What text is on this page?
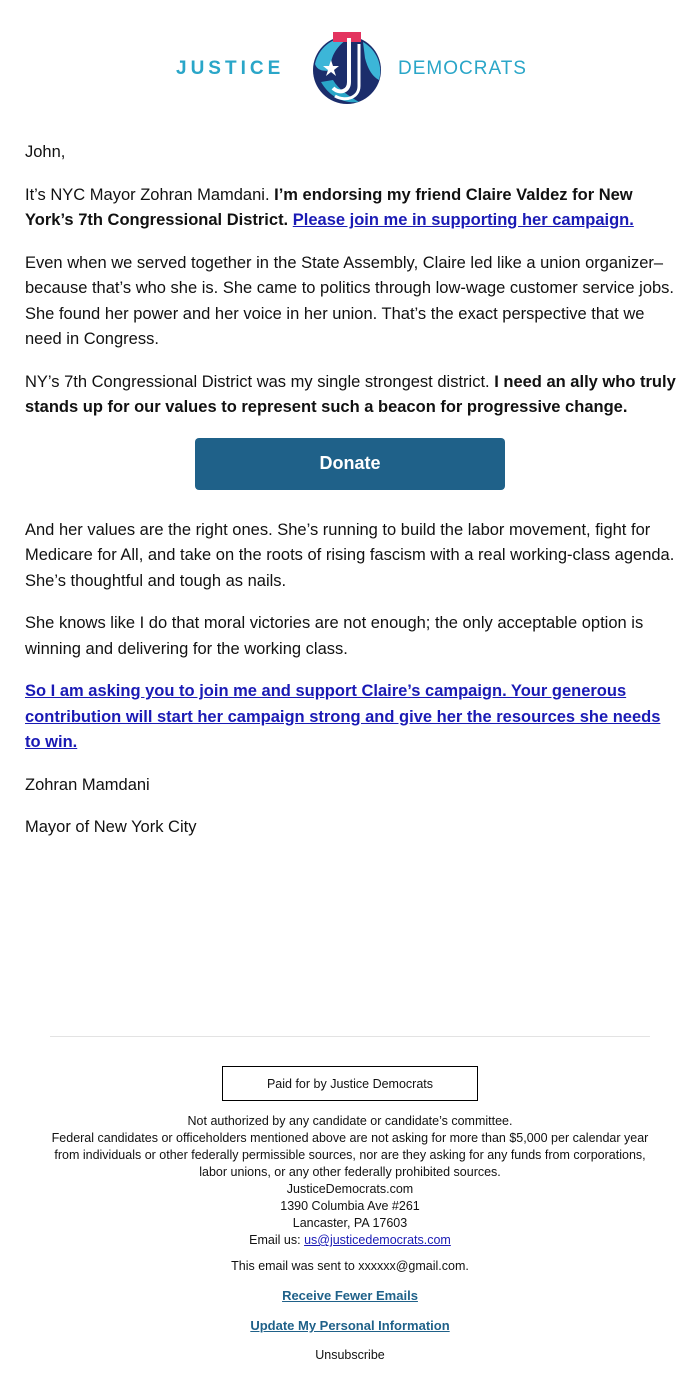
JUSTICE	DEMOCRATS

John,

It’s NYC Mayor Zohran Mamdani. I’m endorsing my friend Claire Valdez for New York’s 7th Congressional District. Please join me in supporting her campaign.

Even when we served together in the State Assembly, Claire led like a union organizer–because that’s who she is. She came to politics through low-wage customer service jobs. She found her power and her voice in her union. That’s the exact perspective that we need in Congress.

NY’s 7th Congressional District was my single strongest district. I need an ally who truly stands up for our values to represent such a beacon for progressive change.

Donate

And her values are the right ones. She’s running to build the labor movement, fight for Medicare for All, and take on the roots of rising fascism with a real working-class agenda. She’s thoughtful and tough as nails.

She knows like I do that moral victories are not enough; the only acceptable option is winning and delivering for the working class.

So I am asking you to join me and support Claire’s campaign. Your generous contribution will start her campaign strong and give her the resources she needs to win.

Zohran Mamdani

Mayor of New York City

Paid for by Justice Democrats
Not authorized by any candidate or candidate’s committee.
Federal candidates or officeholders mentioned above are not asking for more than $5,000 per calendar year from individuals or other federally permissible sources, nor are they asking for any funds from corporations, labor unions, or any other federally prohibited sources.
JusticeDemocrats.com
1390 Columbia Ave #261
Lancaster, PA 17603
Email us: us@justicedemocrats.com
This email was sent to xxxxxx@gmail.com.
Receive Fewer Emails
Update My Personal Information
Unsubscribe
